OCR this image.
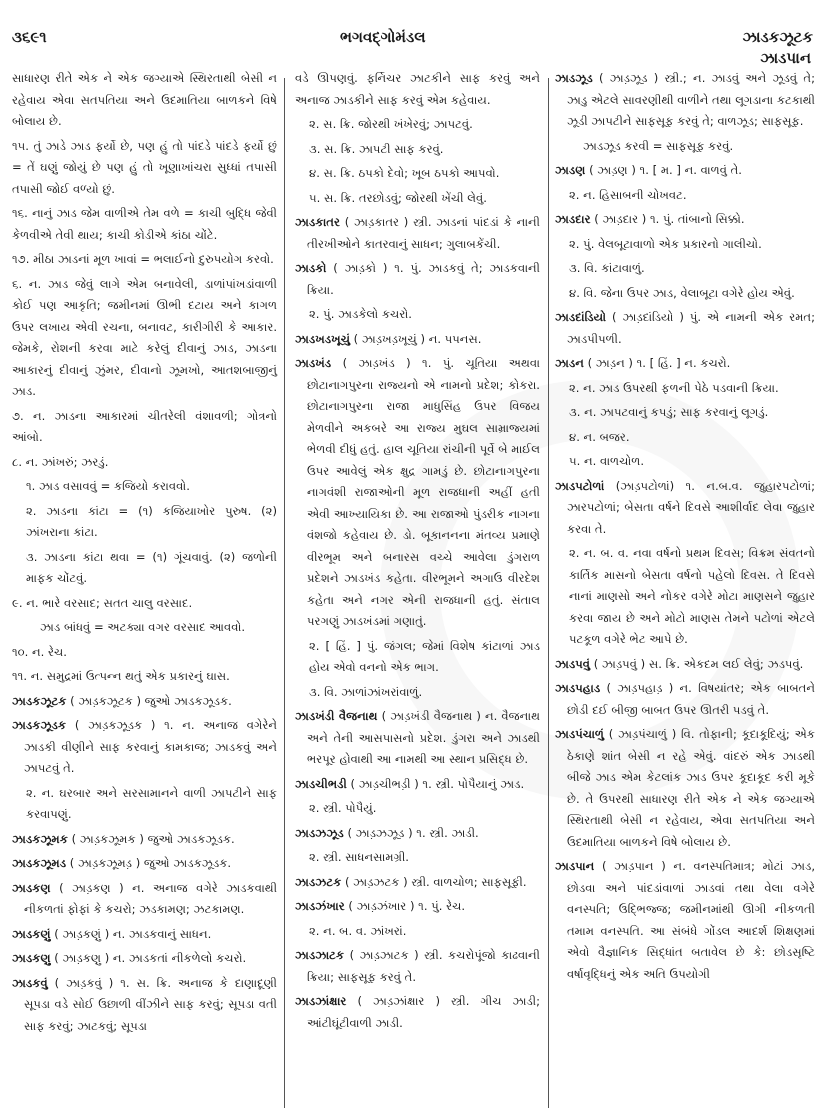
૩૬૯૧	ભગવદ્ગોમંડલ	ઝાડકઝૂટક
ઝાડપાન
સાધારણ રીતે એક ને એક જગ્યાએ સ્થિરતાથી બેસી ન રહેવાય એવા સતપતિયા અને ઉદમાતિયા બાળકને વિષે બોલાય છે.
૧૫. તું ઝાડે ઝાડ ફર્યો છે, પણ હું તો પાંદડે પાંદડે ફર્યો છું = તેં ઘણું જોયું છે પણ હું તો ખૂણાખાંચરા સુધ્ધાં તપાસી તપાસી જોઈ વળ્યો છું.
૧૬. નાનું ઝાડ જેમ વાળીએ તેમ વળે = કાચી બુદ્ધિ જેવી કેળવીએ તેવી થાય; કાચી કોડીએ કાંઠા ચોંટે.
૧૭. મીઠા ઝાડનાં મૂળ ખાવાં = ભલાઈનો દુરુપયોગ કરવો.
૬. ન. ઝાડ જેવું લાગે એમ બનાવેલી, ડાળાંપાંખડાંવાળી કોઈ પણ આકૃતિ; જમીનમાં ઊભી દટાય અને કાગળ ઉપર લખાય એવી રચના, બનાવટ, કારીગીરી કે આકાર. જેમકે, રોશની કરવા માટે કરેલું દીવાનું ઝાડ, ઝાડના આકારનું દીવાનું ઝુંમર, દીવાનો ઝૂમખો, આતશબાજીનું ઝાડ.
૭. ન. ઝાડના આકારમાં ચીતરેલી વંશાવળી; ગોત્રનો આંબો.
૮. ન. ઝાંખરું; ઝરડું.
૧. ઝાડ વસાવવું = કજિયો કરાવવો.
૨. ઝાડના કાંટા = (૧) કજિયાખોર પુરુષ. (૨) ઝાંખરાના કાંટા.
૩. ઝાડના કાંટા થવા = (૧) ગૂંચવાવું. (૨) જળોની માફક ચોંટવું.
૯. ન. ભારે વરસાદ; સતત ચાલુ વરસાદ.
ઝાડ બાંધવું = અટક્યા વગર વરસાદ આવવો.
૧૦. ન. રેચ.
૧૧. ન. સમુદ્રમાં ઉત્પન્ન થતું એક પ્રકારનું ઘાસ.
ઝાડકઝૂટક ( ઝાડ઼કઝૂટક ) જુઓ ઝાડકઝૂડક.
ઝાડકઝૂડક ( ઝાડ઼કઝૂડ઼ક ) ૧. ન. અનાજ વગેરેને ઝાડકી વીણીને સાફ કરવાનું કામકાજ; ઝાડકવું અને ઝાપટવું તે.
૨. ન. ઘરબાર અને સરસામાનને વાળી ઝાપટીને સાફ કરવાપણું.
ઝાડકઝૂમક ( ઝાડ઼કઝૂમક ) જુઓ ઝાડકઝૂડક.
ઝાડકઝૂમડ ( ઝાડ઼કઝૂમડ઼ ) જુઓ ઝાડકઝૂડક.
ઝાડકણ ( ઝાડ઼કણ ) ન. અનાજ વગેરે ઝાડકવાથી નીકળતાં ફોફાં કે કચરો; ઝડકામણ; ઝટકામણ.
ઝાડકણું ( ઝાડ઼કણું ) ન. ઝાડકવાનું સાધન.
ઝાડકણુ ( ઝાડ઼કણુ ) ન. ઝાડકતાં નીકળેલો કચરો.
ઝાડકવું ( ઝાડ઼કવું ) ૧. સ. ક્રિ. અનાજ કે દાણાદૂણી સૂપડા વડે સોઈ ઉછાળી વીંઝીને સાફ કરવું; સૂપડા વતી સાફ કરવું; ઝાટકવું; સૂપડા
વડે ઊપણવું. ફર્નિચર ઝાટકીને સાફ કરવું અને અનાજ ઝાડકીને સાફ કરવું એમ કહેવાય.
૨. સ. ક્રિ. જોરથી ખંખેરવું; ઝાપટવું.
૩. સ. ક્રિ. ઝાપટી સાફ કરવું.
૪. સ. ક્રિ. ઠપકો દેવો; ખૂબ ઠપકો આપવો.
૫. સ. ક્રિ. તરછોડવું; જોરથી ખેંચી લેવું.
ઝાડકાતર ( ઝાડ઼કાતર ) સ્ત્રી. ઝાડનાં પાંદડાં કે નાની તીરખીઓને કાતરવાનું સાધન; ગુલાબકેંચી.
ઝાડકો ( ઝાડ઼કો ) ૧. પું. ઝાડકવું તે; ઝાડકવાની ક્રિયા.
૨. પું. ઝાડકેલો કચરો.
ઝાડખડખૂચું ( ઝાડ઼ખડ઼ખૂચું ) ન. પપનસ.
ઝાડખંડ ( ઝાડ઼ખંડ ) ૧. પું. ચૂતિયા અથવા છોટાનાગપુરના રાજ્યનો એ નામનો પ્રદેશ; કોકરા. છોટાનાગપુરના રાજા માધુસિંહ ઉપર વિજય મેળવીને અકબરે આ રાજ્ય મુઘલ સામ્રાજ્યમાં ભેળવી દીધું હતું. હાલ ચૂતિયા રાંચીની પૂર્વે બે માઈલ ઉપર આવેલું એક ક્ષુદ્ર ગામડું છે. છોટાનાગપુરના નાગવંશી રાજાઓની મૂળ રાજધાની અહીં હતી એવી આખ્યાયિકા છે. આ રાજાઓ પુંડરીક નાગના વંશજો કહેવાય છે. ડો. બૂકાનનના મંતવ્ય પ્રમાણે વીરભૂમ અને બનારસ વચ્ચે આવેલા ડુંગરાળ પ્રદેશને ઝાડખંડ કહેતા. વીરભૂમને અગાઉ વીરદેશ કહેતા અને નગર એની રાજધાની હતું. સંતાલ પરગણું ઝાડખંડમાં ગણાતું.
૨. [ હિં. ] પું. જંગલ; જેમાં વિશેષ કાંટાળાં ઝાડ હોય એવો વનનો એક ભાગ.
૩. વિ. ઝાળાંઝાંખરાંવાળું.
ઝાડખંડી વૈજનાથ ( ઝાડ઼ખંડી વૈજનાથ ) ન. વૈજનાથ અને તેની આસપાસનો પ્રદેશ. ડુંગરા અને ઝાડથી ભરપૂર હોવાથી આ નામથી આ સ્થાન પ્રસિદ્ધ છે.
ઝાડચીભડી ( ઝાડ઼ચીભડ઼ી ) ૧. સ્ત્રી. પોપૈયાનું ઝાડ.
૨. સ્ત્રી. પોપૈયું.
ઝાડઝઝૂડ ( ઝાડ઼ઝઝૂડ઼ ) ૧. સ્ત્રી. ઝાડી.
૨. સ્ત્રી. સાધનસામગ્રી.
ઝાડઝટક ( ઝાડ઼ઝટક ) સ્ત્રી. વાળચોળ; સાફસૂફી.
ઝાડઝંખાર ( ઝાડ઼ઝંખાર ) ૧. પું. રેચ.
૨. ન. બ. વ. ઝાંખરાં.
ઝાડઝાટક ( ઝાડ઼ઝાટક ) સ્ત્રી. કચરોપૂંજો કાઢવાની ક્રિયા; સાફસૂફ કરવું તે.
ઝાડઝાંક્ષાર ( ઝાડ઼ઝાંક્ષાર ) સ્ત્રી. ગીચ ઝાડી; આંટીઘૂંટીવાળી ઝાડી.
ઝાડઝૂડ ( ઝાડ઼ઝૂડ઼ ) સ્ત્રી.; ન. ઝાડવું અને ઝૂડવું તે; ઝાડુ એટલે સાવરણીથી વાળીને તથા લૂગડાના કટકાથી ઝૂડી ઝાપટીને સાફસૂફ કરવું તે; વાળઝૂડ; સાફસૂફ.
ઝાડઝૂડ કરવી = સાફસૂફ કરવું.
ઝાડણ ( ઝાડ઼ણ ) ૧. [ મ. ] ન. વાળવું તે.
૨. ન. હિસાબની ચોખવટ.
ઝાડદાર ( ઝાડ઼દાર ) ૧. પું. તાંબાનો સિક્કો.
૨. પું. વેલબૂટાવાળો એક પ્રકારનો ગાલીચો.
૩. વિ. કાંટાવાળું.
૪. વિ. જેના ઉપર ઝાડ, વેલાબૂટા વગેરે હોય એવું.
ઝાડદાંડિયો ( ઝાડ઼દાંડિયો ) પું. એ નામની એક રમત; ઝાડપીપળી.
ઝાડન ( ઝાડ઼ન ) ૧. [ હિં. ] ન. કચરો.
૨. ન. ઝાડ ઉપરથી ફળની પેઠે પડવાની ક્રિયા.
૩. ન. ઝાપટવાનું કપડું; સાફ કરવાનું લૂગડું.
૪. ન. બજર.
૫. ન. વાળચોળ.
ઝાડપટોળાં (ઝાડ઼પટોળાં) ૧. ન.બ.વ. જુહારપટોળાં; ઝારપટોળાં; બેસતા વર્ષને દિવસે આશીર્વાદ લેવા જુહાર કરવા તે.
૨. ન. બ. વ. નવા વર્ષનો પ્રથમ દિવસ; વિક્રમ સંવતનો કાર્તિક માસનો બેસતા વર્ષનો પહેલો દિવસ. તે દિવસે નાનાં માણસો અને નોકર વગેરે મોટા માણસને જુહાર કરવા જાય છે અને મોટો માણસ તેમને પટોળાં એટલે પટકૂળ વગેરે ભેટ આપે છે.
ઝાડપવું ( ઝાડ઼પવું ) સ. ક્રિ. એકદમ લઈ લેવું; ઝડપવું.
ઝાડપહાડ ( ઝાડ઼પહાડ઼ ) ન. વિષયાંતર; એક બાબતને છોડી દઈ બીજી બાબત ઉપર ઊતરી પડવું તે.
ઝાડપંચાળું ( ઝાડ઼પંચાળું ) વિ. તોફાની; કૂદાકૂદિયું; એક ઠેકાણે શાંત બેસી ન રહે એવું. વાંદરું એક ઝાડથી બીજે ઝાડ એમ કેટલાંક ઝાડ ઉપર કૂદાકૂદ કરી મૂકે છે. તે ઉપરથી સાધારણ રીતે એક ને એક જગ્યાએ સ્થિરતાથી બેસી ન રહેવાય, એવા સતપતિયા અને ઉદમાતિયા બાળકને વિષે બોલાય છે.
ઝાડપાન ( ઝાડ઼પાન ) ન. વનસ્પતિમાત્ર; મોટાં ઝાડ, છોડવા અને પાંદડાંવાળાં ઝાડવાં તથા વેલા વગેરે વનસ્પતિ; ઉદ્ભિજ્જ; જમીનમાંથી ઊગી નીકળતી તમામ વનસ્પતિ. આ સંબંધે ગોંડલ આદર્શ શિક્ષણમાં એવો વૈજ્ઞાનિક સિદ્ધાંત બતાવેલ છે કે: છોડસૃષ્ટિ વર્ષાવૃદ્ધિનું એક અતિ ઉપયોગી
